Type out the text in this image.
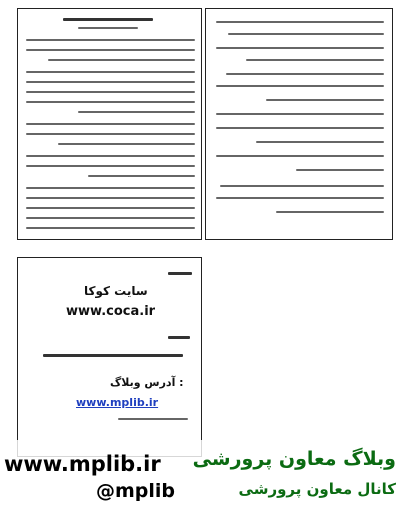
سایت کوکا
www.coca.ir
آدرس وبلاگ :
www.mplib.ir
www.mplib.ir وبلاگ معاون پرورشی
کانال معاون پرورشی
@mplib
